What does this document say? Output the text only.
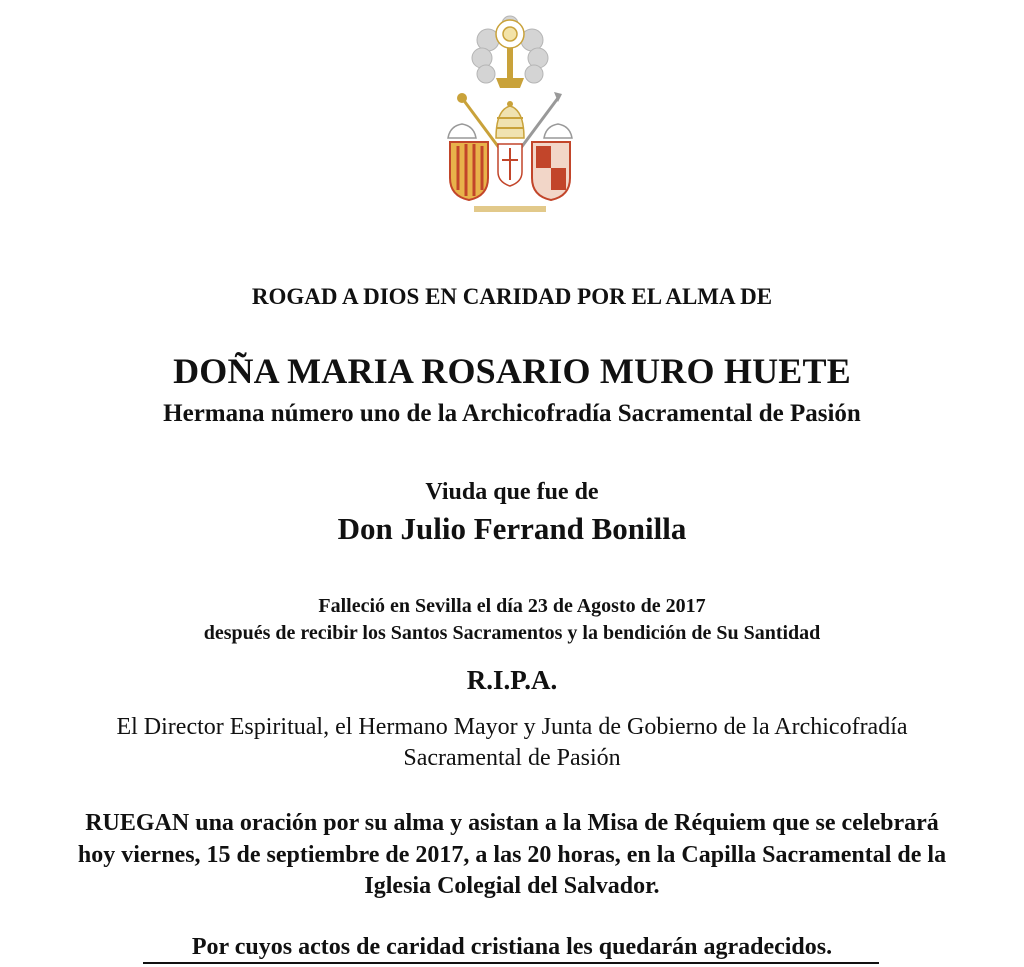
ROGAD A DIOS EN CARIDAD POR EL ALMA DE
DOÑA MARIA ROSARIO MURO HUETE
Hermana número uno de la Archicofradía Sacramental de Pasión
Viuda que fue de
Don Julio Ferrand Bonilla
Falleció en Sevilla el día 23 de Agosto de 2017
después de recibir los Santos Sacramentos y la bendición de Su Santidad
R.I.P.A.
El Director Espiritual, el Hermano Mayor y Junta de Gobierno de la Archicofradía
Sacramental de Pasión
RUEGAN una oración por su alma y asistan a la Misa de Réquiem que se celebrará
hoy viernes, 15 de septiembre de 2017, a las 20 horas, en la Capilla Sacramental de la
Iglesia Colegial del Salvador.
Por cuyos actos de caridad cristiana les quedarán agradecidos.
